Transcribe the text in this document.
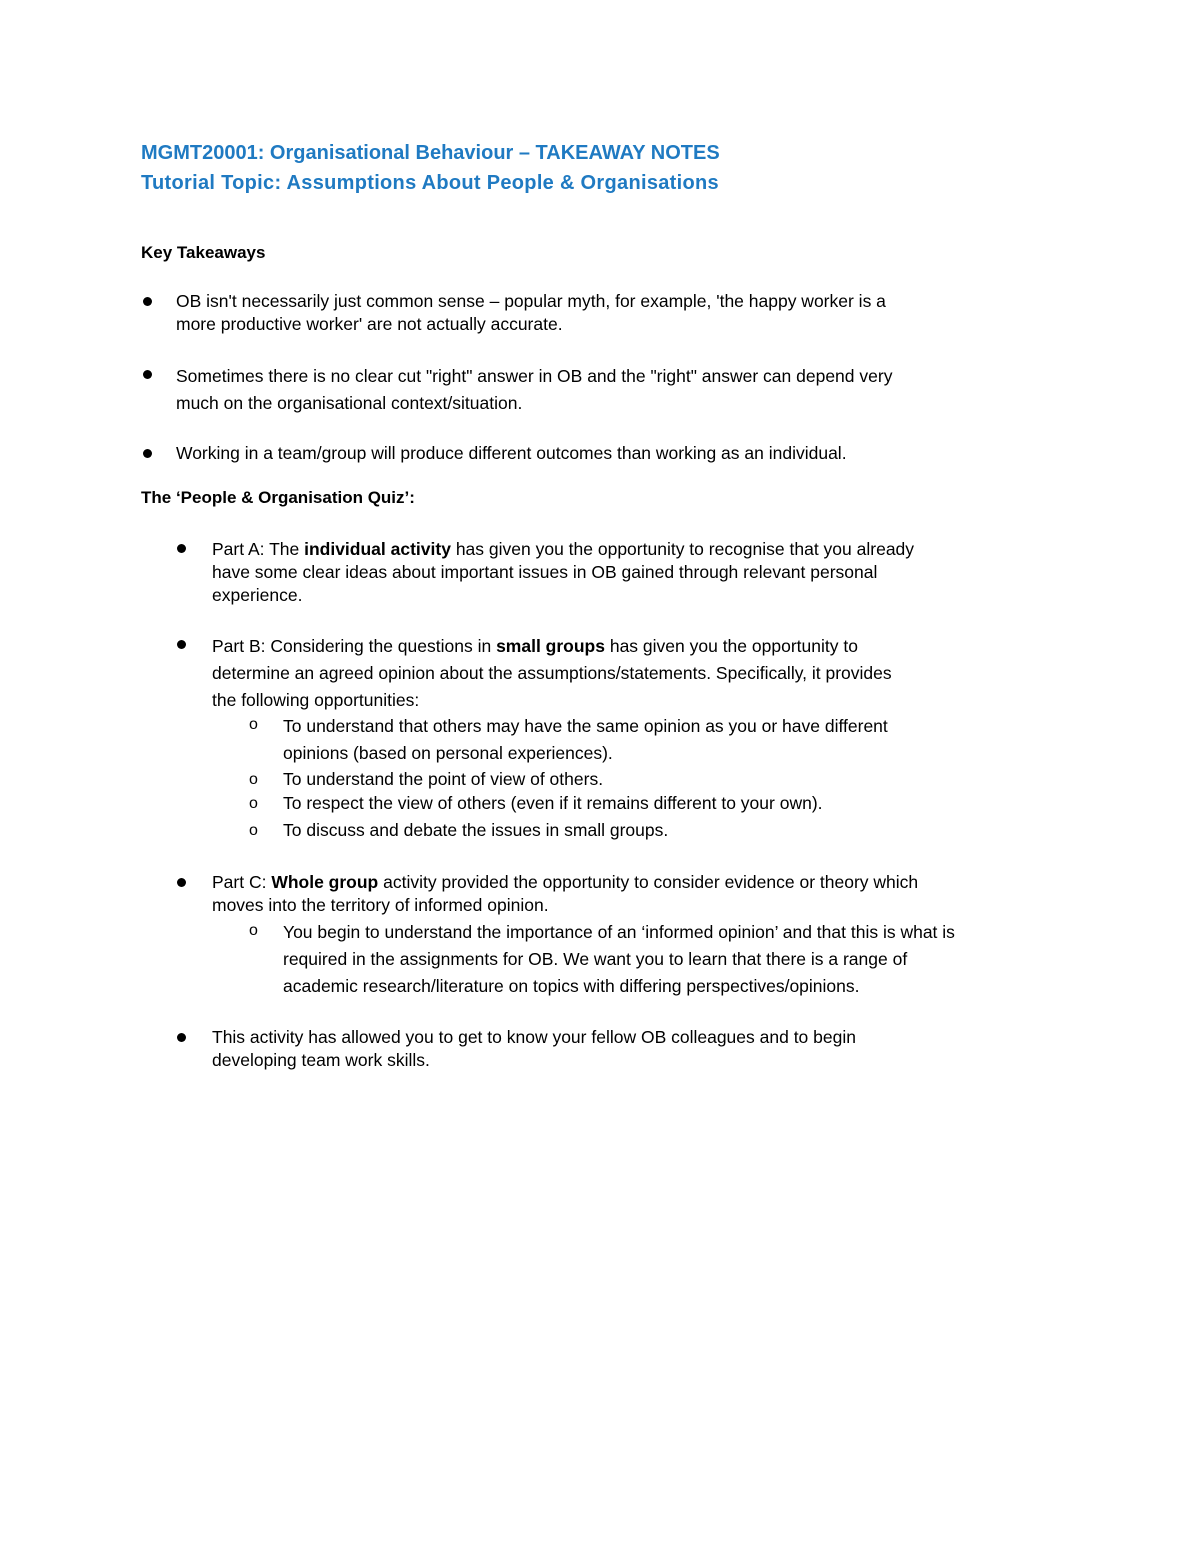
MGMT20001: Organisational Behaviour – TAKEAWAY NOTES
Tutorial Topic: Assumptions About People & Organisations
Key Takeaways

OB isn't necessarily just common sense – popular myth, for example, 'the happy worker is a
more productive worker' are not actually accurate.

Sometimes there is no clear cut "right" answer in OB and the "right" answer can depend very
much on the organisational context/situation.

Working in a team/group will produce different outcomes than working as an individual.

The ‘People & Organisation Quiz’:

Part A: The individual activity has given you the opportunity to recognise that you already
have some clear ideas about important issues in OB gained through relevant personal
experience.

Part B: Considering the questions in small groups has given you the opportunity to
determine an agreed opinion about the assumptions/statements. Specifically, it provides
the following opportunities:

o To understand that others may have the same opinion as you or have different
opinions (based on personal experiences).

o To understand the point of view of others.

o To respect the view of others (even if it remains different to your own).

o To discuss and debate the issues in small groups.

Part C: Whole group activity provided the opportunity to consider evidence or theory which
moves into the territory of informed opinion.

o You begin to understand the importance of an ‘informed opinion’ and that this is what is
required in the assignments for OB. We want you to learn that there is a range of
academic research/literature on topics with differing perspectives/opinions.

This activity has allowed you to get to know your fellow OB colleagues and to begin
developing team work skills.
